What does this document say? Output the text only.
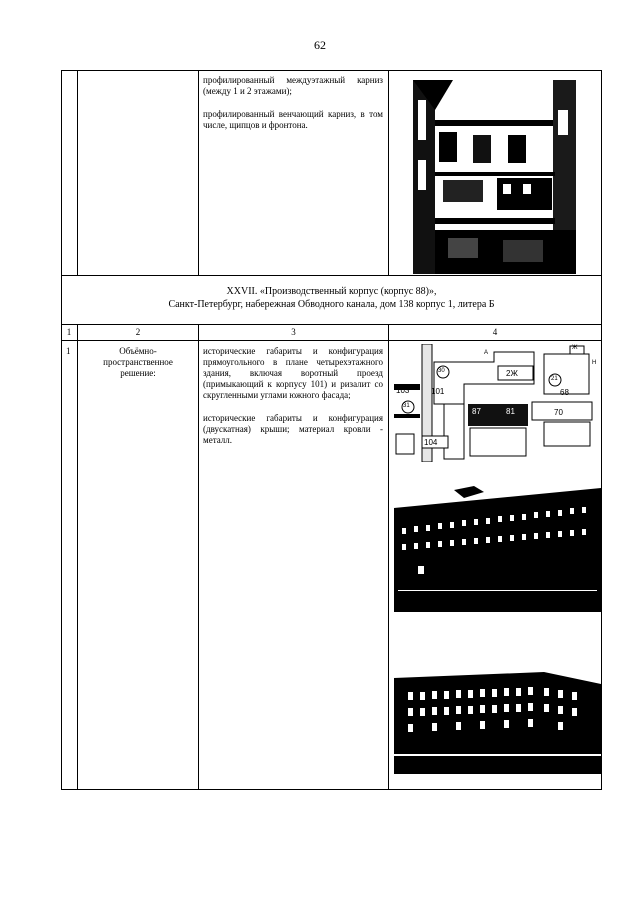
62

профилированный междуэтажный карниз (между 1 и 2 этажами);

профилированный венчающий карниз, в том числе, щипцов и фронтона.

XXVII. «Производственный корпус (корпус 88)»,
Санкт-Петербург, набережная Обводного канала, дом 138 корпус 1, литера Б
1	2	3	4
1	Объёмно-пространственное решение:

исторические габариты и конфигурация прямоугольного в плане четырехэтажного здания, включая воротный проезд (примыкающий к корпусу 101) и ризалит со скругленными углами южного фасада;

исторические габариты и конфигурация (двускатная) крыши; материал кровли - металл.

30
103	101
2Ж
21
68
31
87	81	70
104
А
Н
Ж
